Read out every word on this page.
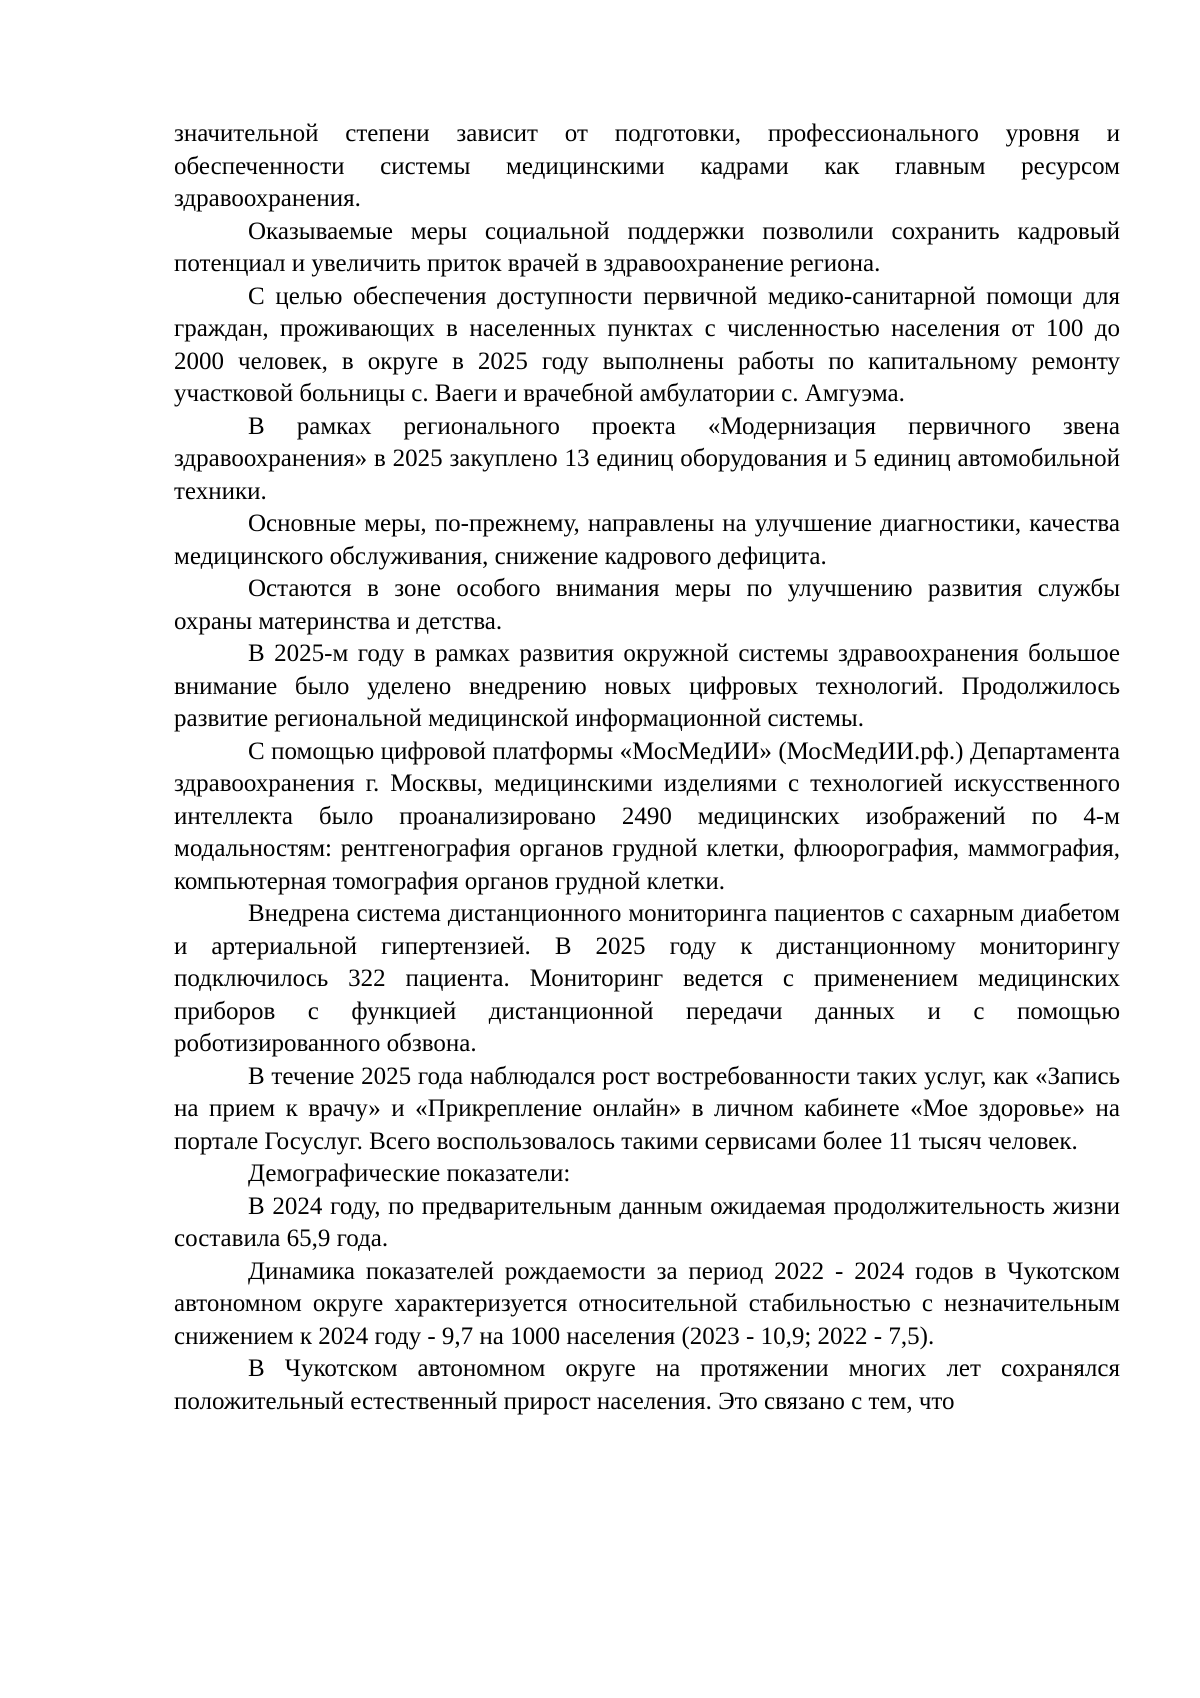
значительной степени зависит от подготовки, профессионального уровня и обеспеченности системы медицинскими кадрами как главным ресурсом здравоохранения.

Оказываемые меры социальной поддержки позволили сохранить кадровый потенциал и увеличить приток врачей в здравоохранение региона.

С целью обеспечения доступности первичной медико-санитарной помощи для граждан, проживающих в населенных пунктах с численностью населения от 100 до 2000 человек, в округе в 2025 году выполнены работы по капитальному ремонту участковой больницы с. Ваеги и врачебной амбулатории с. Амгуэма.

В рамках регионального проекта «Модернизация первичного звена здравоохранения» в 2025 закуплено 13 единиц оборудования и 5 единиц автомобильной техники.

Основные меры, по-прежнему, направлены на улучшение диагностики, качества медицинского обслуживания, снижение кадрового дефицита.

Остаются в зоне особого внимания меры по улучшению развития службы охраны материнства и детства.

В 2025-м году в рамках развития окружной системы здравоохранения большое внимание было уделено внедрению новых цифровых технологий. Продолжилось развитие региональной медицинской информационной системы.

С помощью цифровой платформы «МосМедИИ» (МосМедИИ.рф.) Департамента здравоохранения г. Москвы, медицинскими изделиями с технологией искусственного интеллекта было проанализировано 2490 медицинских изображений по 4-м модальностям: рентгенография органов грудной клетки, флюорография, маммография, компьютерная томография органов грудной клетки.

Внедрена система дистанционного мониторинга пациентов с сахарным диабетом и артериальной гипертензией. В 2025 году к дистанционному мониторингу подключилось 322 пациента. Мониторинг ведется с применением медицинских приборов с функцией дистанционной передачи данных и с помощью роботизированного обзвона.

В течение 2025 года наблюдался рост востребованности таких услуг, как «Запись на прием к врачу» и «Прикрепление онлайн» в личном кабинете «Мое здоровье» на портале Госуслуг. Всего воспользовалось такими сервисами более 11 тысяч человек.

Демографические показатели:

В 2024 году, по предварительным данным ожидаемая продолжительность жизни составила 65,9 года.

Динамика показателей рождаемости за период 2022 - 2024 годов в Чукотском автономном округе характеризуется относительной стабильностью с незначительным снижением к 2024 году - 9,7 на 1000 населения (2023 - 10,9; 2022 - 7,5).

В Чукотском автономном округе на протяжении многих лет сохранялся положительный естественный прирост населения. Это связано с тем, что
